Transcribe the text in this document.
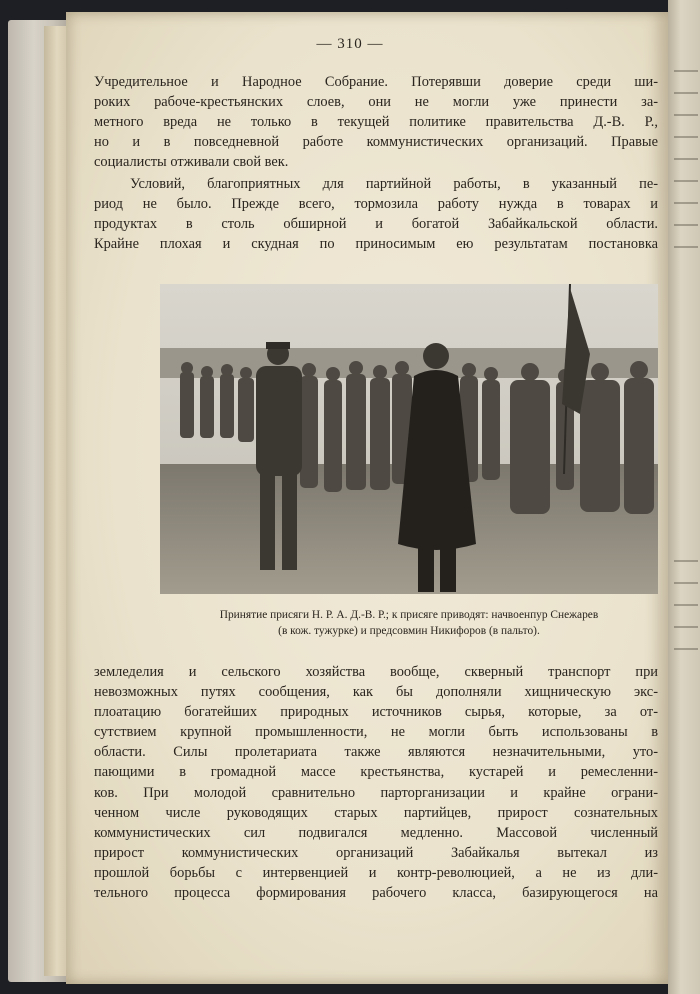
— 310 —

Учредительное и Народное Собрание. Потерявши доверие среди ши-
роких рабоче-крестьянских слоев, они не могли уже принести за-
метного вреда не только в текущей политике правительства Д.-В. Р.,
но и в повседневной работе коммунистических организаций. Правые
социалисты отживали свой век.

Условий, благоприятных для партийной работы, в указанный пе-
риод не было. Прежде всего, тормозила работу нужда в товарах и
продуктах в столь обширной и богатой Забайкальской области.
Крайне плохая и скудная по приносимым ею результатам постановка

Принятие присяги Н. Р. А. Д.-В. Р.; к присяге приводят: начвоенпур Снежарев
(в кож. тужурке) и предсовмин Никифоров (в пальто).

земледелия и сельского хозяйства вообще, скверный транспорт при
невозможных путях сообщения, как бы дополняли хищническую экс-
плоатацию богатейших природных источников сырья, которые, за от-
сутствием крупной промышленности, не могли быть использованы в
области. Силы пролетариата также являются незначительными, уто-
пающими в громадной массе крестьянства, кустарей и ремесленни-
ков. При молодой сравнительно парторганизации и крайне ограни-
ченном числе руководящих старых партийцев, прирост сознательных
коммунистических сил подвигался медленно. Массовой численный
прирост коммунистических организаций Забайкалья вытекал из
прошлой борьбы с интервенцией и контр-революцией, а не из дли-
тельного процесса формирования рабочего класса, базирующегося на
